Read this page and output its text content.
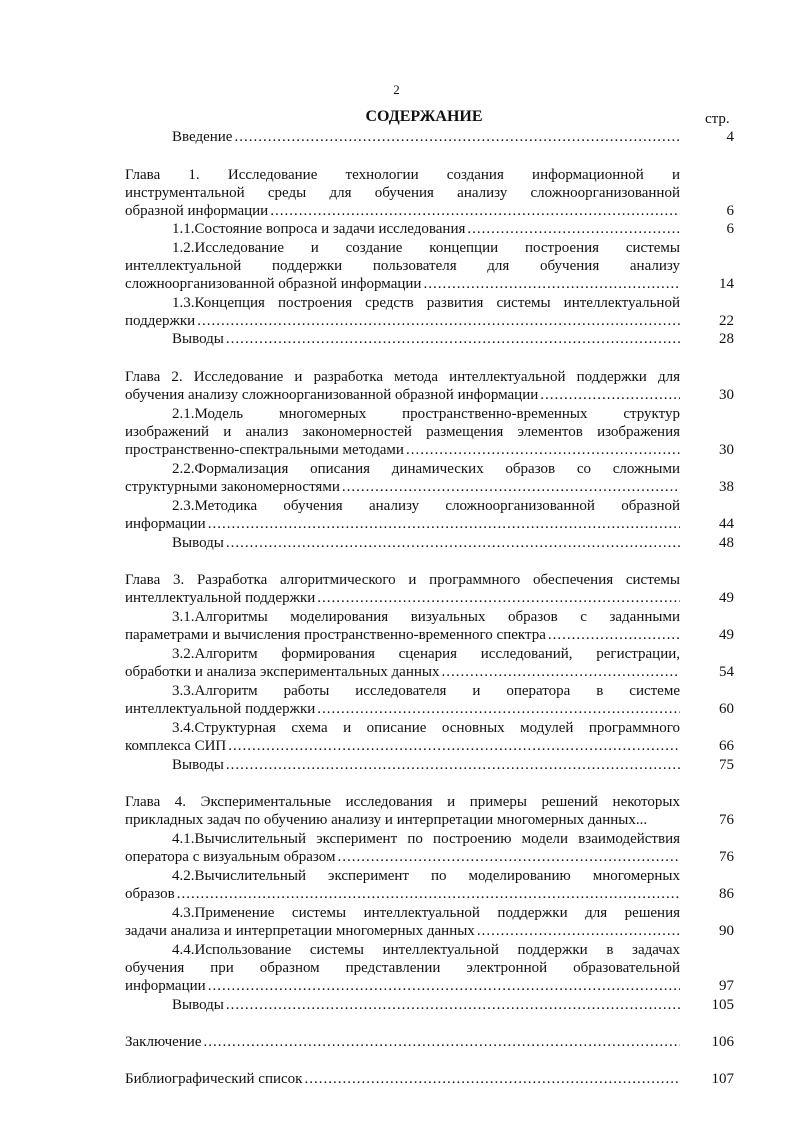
2
СОДЕРЖАНИЕ	стр.
Введение .....	4
Глава 1. Исследование технологии создания информационной и
инструментальной среды для обучения анализу сложноорганизованной
образной информации .....	6
1.1.Состояние вопроса и задачи исследования .....	6
1.2.Исследование и создание концепции построения системы
интеллектуальной поддержки пользователя для обучения анализу
сложноорганизованной образной информации .....	14
1.3.Концепция построения средств развития системы интеллектуальной
поддержки .....	22
Выводы .....	28
Глава 2. Исследование и разработка метода интеллектуальной поддержки для
обучения анализу сложноорганизованной образной информации .....	30
2.1.Модель многомерных пространственно-временных структур
изображений и анализ закономерностей размещения элементов изображения
пространственно-спектральными методами .....	30
2.2.Формализация описания динамических образов со сложными
структурными закономерностями .....	38
2.3.Методика обучения анализу сложноорганизованной образной
информации .....	44
Выводы .....	48
Глава 3. Разработка алгоритмического и программного обеспечения системы
интеллектуальной поддержки .....	49
3.1.Алгоритмы моделирования визуальных образов с заданными
параметрами и вычисления пространственно-временного спектра .....	49
3.2.Алгоритм формирования сценария исследований, регистрации,
обработки и анализа экспериментальных данных .....	54
3.3.Алгоритм работы исследователя и оператора в системе
интеллектуальной поддержки .....	60
3.4.Структурная схема и описание основных модулей программного
комплекса СИП .....	66
Выводы .....	75
Глава 4. Экспериментальные исследования и примеры решений некоторых
прикладных задач по обучению анализу и интерпретации многомерных данных...	76
4.1.Вычислительный эксперимент по построению модели взаимодействия
оператора с визуальным образом .....	76
4.2.Вычислительный эксперимент по моделированию многомерных
образов .....	86
4.3.Применение системы интеллектуальной поддержки для решения
задачи анализа и интерпретации многомерных данных .....	90
4.4.Использование системы интеллектуальной поддержки в задачах
обучения при образном представлении электронной образовательной
информации .....	97
Выводы .....	105
Заключение .....	106
Библиографический список .....	107
